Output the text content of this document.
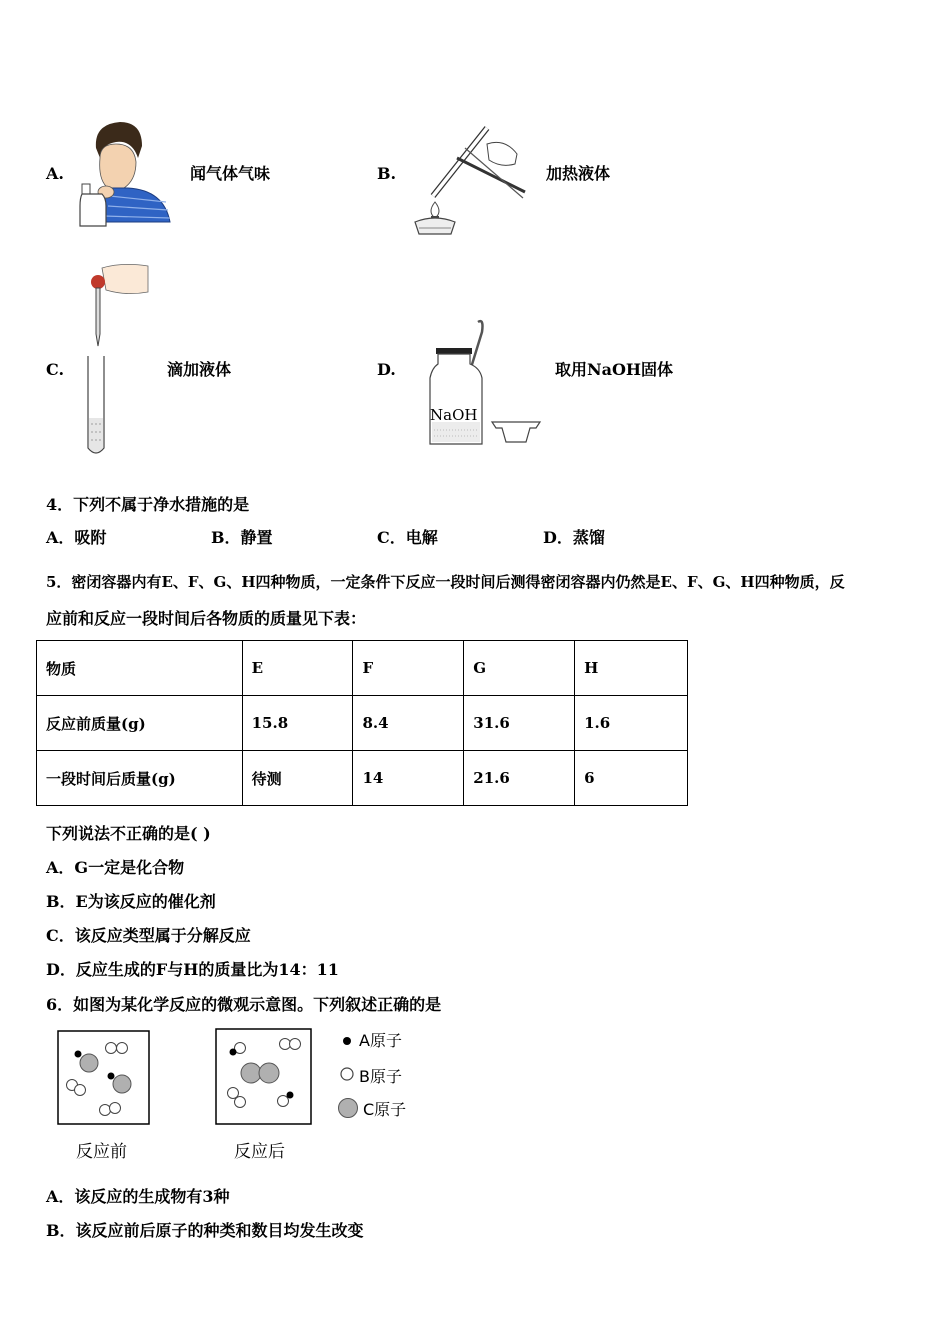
A.	闻气体气味	B.	加热液体
C.	滴加液体	D.
NaOH
取用NaOH固体
4．下列不属于净水措施的是
A．吸附	B．静置	C．电解	D．蒸馏
5．密闭容器内有E、F、G、H四种物质，一定条件下反应一段时间后测得密闭容器内仍然是E、F、G、H四种物质，反
应前和反应一段时间后各物质的质量见下表：
物质	E	F	G	H
反应前质量(g)	15.8	8.4	31.6	1.6
一段时间后质量(g)	待测	14	21.6	6
下列说法不正确的是( )
A．G一定是化合物
B．E为该反应的催化剂
C．该反应类型属于分解反应
D．反应生成的F与H的质量比为14：11
6．如图为某化学反应的微观示意图。下列叙述正确的是
反应前	反应后
A原子
B原子
C原子
A．该反应的生成物有3种
B．该反应前后原子的种类和数目均发生改变
